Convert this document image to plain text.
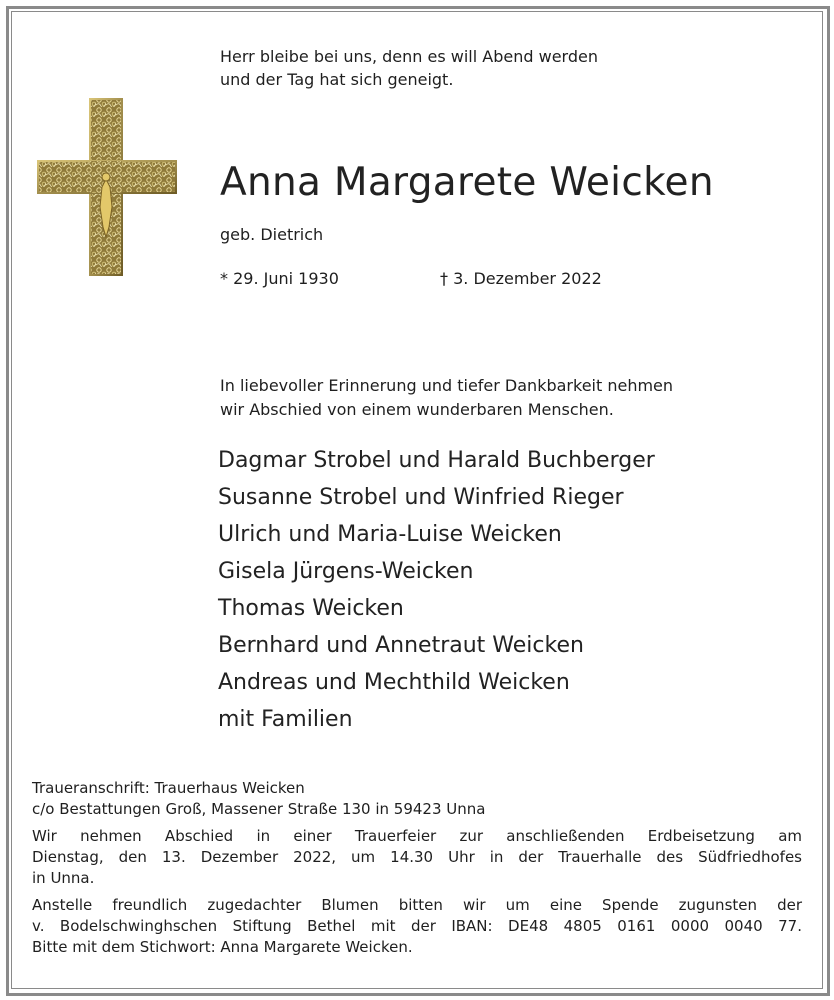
Herr bleibe bei uns, denn es will Abend werden
und der Tag hat sich geneigt.
Anna Margarete Weicken
geb. Dietrich
* 29. Juni 1930	† 3. Dezember 2022
In liebevoller Erinnerung und tiefer Dankbarkeit nehmen
wir Abschied von einem wunderbaren Menschen.
Dagmar Strobel und Harald Buchberger
Susanne Strobel und Winfried Rieger
Ulrich und Maria-Luise Weicken
Gisela Jürgens-Weicken
Thomas Weicken
Bernhard und Annetraut Weicken
Andreas und Mechthild Weicken
mit Familien

Traueranschrift: Trauerhaus Weicken
c/o Bestattungen Groß, Massener Straße 130 in 59423 Unna

Wir nehmen Abschied in einer Trauerfeier zur anschließenden Erdbeisetzung am
Dienstag, den 13. Dezember 2022, um 14.30 Uhr in der Trauerhalle des Südfriedhofes
in Unna.

Anstelle freundlich zugedachter Blumen bitten wir um eine Spende zugunsten der
v. Bodelschwinghschen Stiftung Bethel mit der IBAN: DE48 4805 0161 0000 0040 77.
Bitte mit dem Stichwort: Anna Margarete Weicken.
